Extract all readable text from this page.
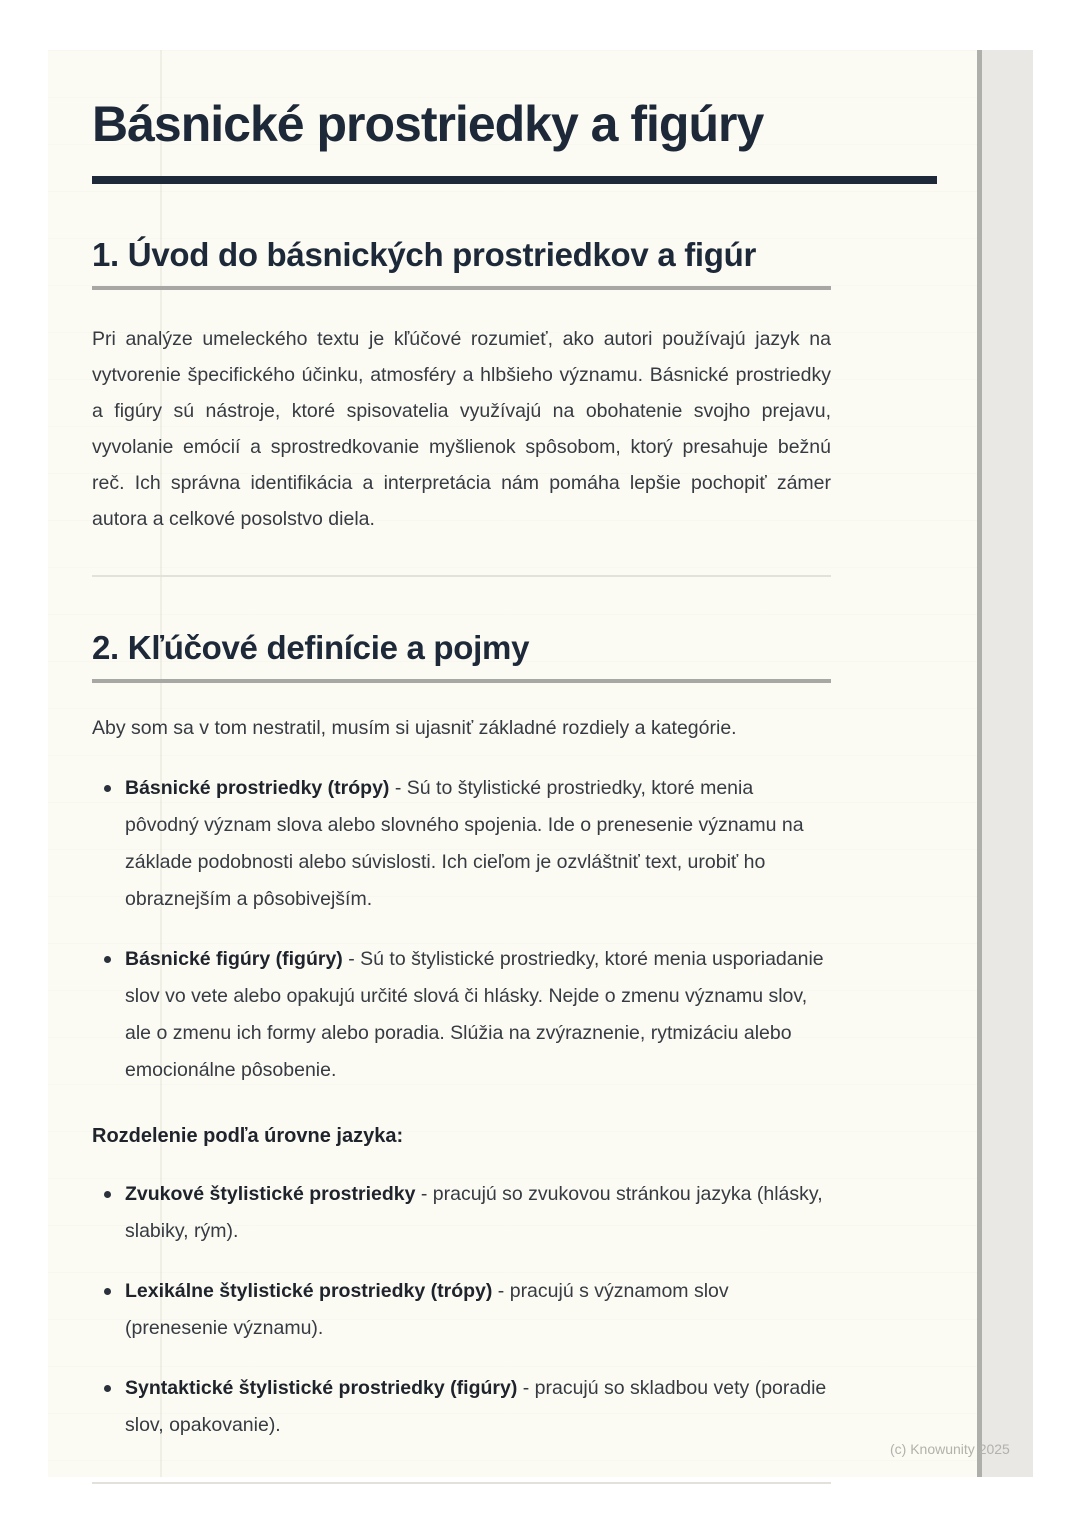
Básnické prostriedky a figúry
1. Úvod do básnických prostriedkov a figúr

Pri analýze umeleckého textu je kľúčové rozumieť, ako autori používajú jazyk na vytvorenie špecifického účinku, atmosféry a hlbšieho významu. Básnické prostriedky a figúry sú nástroje, ktoré spisovatelia využívajú na obohatenie svojho prejavu, vyvolanie emócií a sprostredkovanie myšlienok spôsobom, ktorý presahuje bežnú reč. Ich správna identifikácia a interpretácia nám pomáha lepšie pochopiť zámer autora a celkové posolstvo diela.

2. Kľúčové definície a pojmy

Aby som sa v tom nestratil, musím si ujasniť základné rozdiely a kategórie.

Básnické prostriedky (trópy) - Sú to štylistické prostriedky, ktoré menia pôvodný význam slova alebo slovného spojenia. Ide o prenesenie významu na základe podobnosti alebo súvislosti. Ich cieľom je ozvláštniť text, urobiť ho obraznejším a pôsobivejším.
Básnické figúry (figúry) - Sú to štylistické prostriedky, ktoré menia usporiadanie slov vo vete alebo opakujú určité slová či hlásky. Nejde o zmenu významu slov, ale o zmenu ich formy alebo poradia. Slúžia na zvýraznenie, rytmizáciu alebo emocionálne pôsobenie.
Rozdelenie podľa úrovne jazyka:
Zvukové štylistické prostriedky - pracujú so zvukovou stránkou jazyka (hlásky, slabiky, rým).
Lexikálne štylistické prostriedky (trópy) - pracujú s významom slov (prenesenie významu).
Syntaktické štylistické prostriedky (figúry) - pracujú so skladbou vety (poradie slov, opakovanie).
(c) Knowunity 2025
